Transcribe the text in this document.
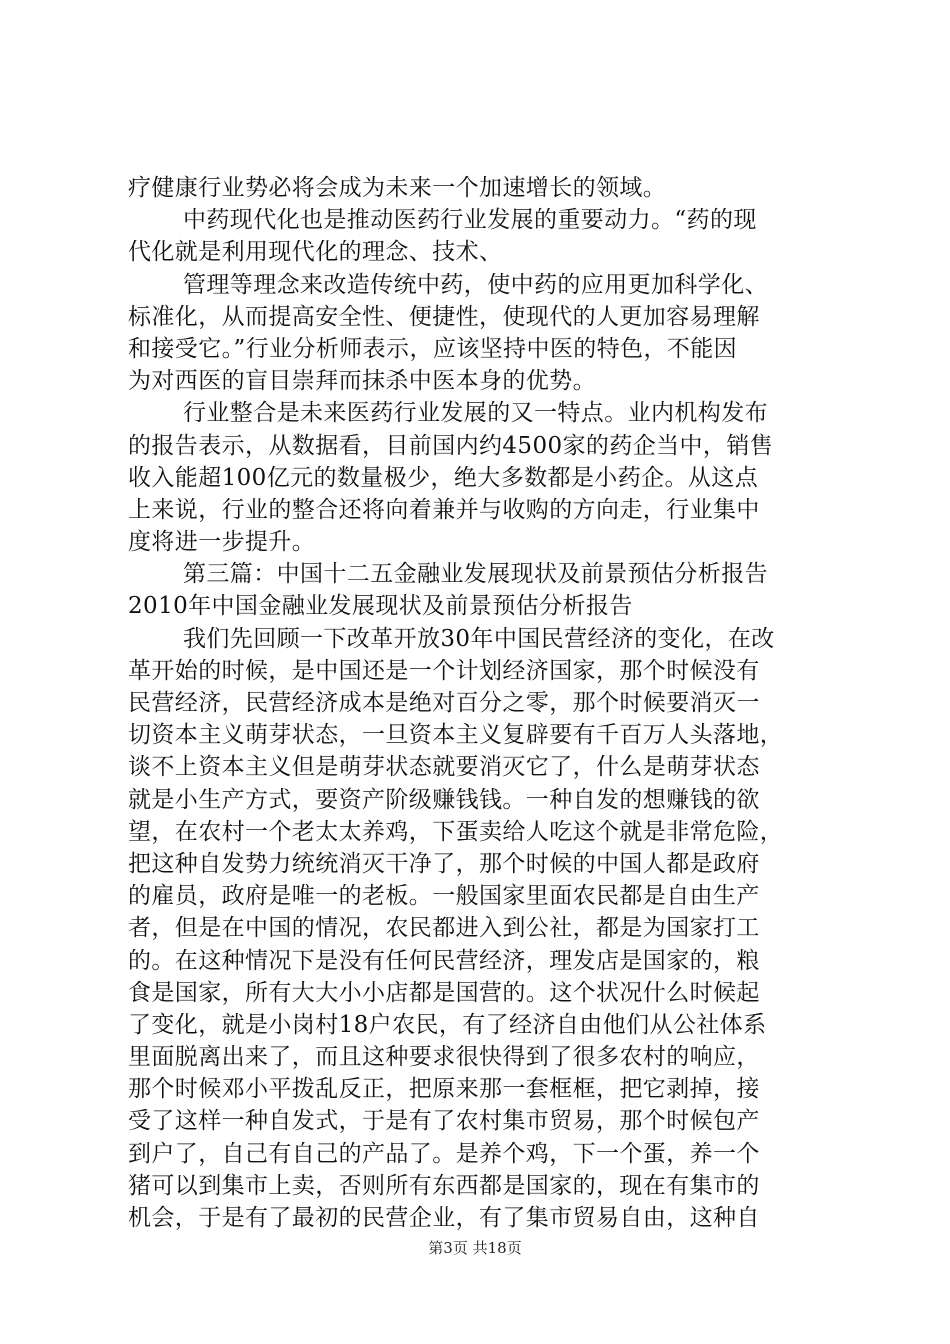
疗健康行业势必将会成为未来一个加速增长的领域。
中药现代化也是推动医药行业发展的重要动力。“药的现
代化就是利用现代化的理念、技术、
管理等理念来改造传统中药，使中药的应用更加科学化、
标准化，从而提高安全性、便捷性，使现代的人更加容易理解
和接受它。”行业分析师表示，应该坚持中医的特色，不能因
为对西医的盲目崇拜而抹杀中医本身的优势。
行业整合是未来医药行业发展的又一特点。业内机构发布
的报告表示，从数据看，目前国内约4500家的药企当中，销售
收入能超100亿元的数量极少，绝大多数都是小药企。从这点
上来说，行业的整合还将向着兼并与收购的方向走，行业集中
度将进一步提升。
第三篇：中国十二五金融业发展现状及前景预估分析报告
2010年中国金融业发展现状及前景预估分析报告
我们先回顾一下改革开放30年中国民营经济的变化，在改
革开始的时候，是中国还是一个计划经济国家，那个时候没有
民营经济，民营经济成本是绝对百分之零，那个时候要消灭一
切资本主义萌芽状态，一旦资本主义复辟要有千百万人头落地，
谈不上资本主义但是萌芽状态就要消灭它了，什么是萌芽状态
就是小生产方式，要资产阶级赚钱钱。一种自发的想赚钱的欲
望，在农村一个老太太养鸡，下蛋卖给人吃这个就是非常危险，
把这种自发势力统统消灭干净了，那个时候的中国人都是政府
的雇员，政府是唯一的老板。一般国家里面农民都是自由生产
者，但是在中国的情况，农民都进入到公社，都是为国家打工
的。在这种情况下是没有任何民营经济，理发店是国家的，粮
食是国家，所有大大小小店都是国营的。这个状况什么时候起
了变化，就是小岗村18户农民，有了经济自由他们从公社体系
里面脱离出来了，而且这种要求很快得到了很多农村的响应，
那个时候邓小平拨乱反正，把原来那一套框框，把它剥掉，接
受了这样一种自发式，于是有了农村集市贸易，那个时候包产
到户了，自己有自己的产品了。是养个鸡，下一个蛋，养一个
猪可以到集市上卖，否则所有东西都是国家的，现在有集市的
机会，于是有了最初的民营企业，有了集市贸易自由，这种自
第3页 共18页
